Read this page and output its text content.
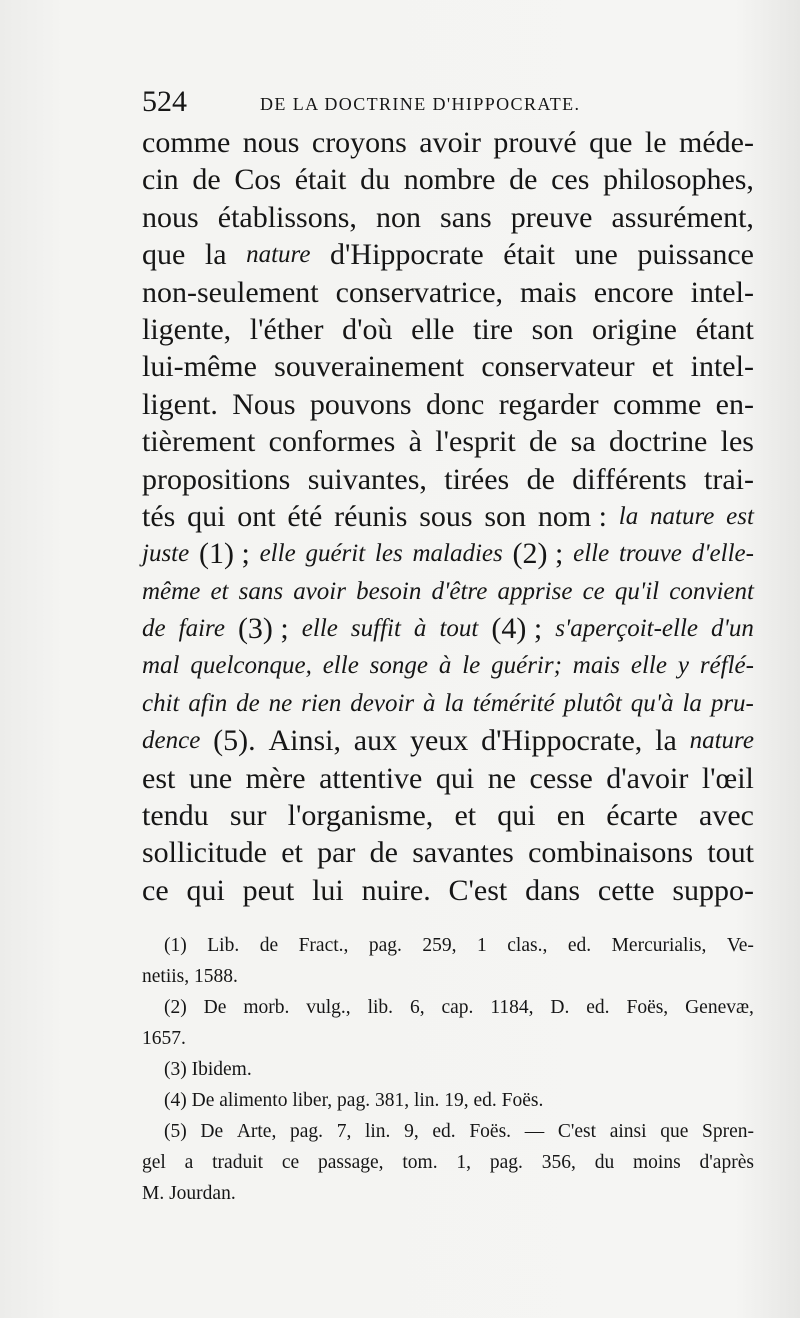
524	DE LA DOCTRINE D'HIPPOCRATE.
comme nous croyons avoir prouvé que le méde-
cin de Cos était du nombre de ces philosophes,
nous établissons, non sans preuve assurément,
que la nature d'Hippocrate était une puissance
non-seulement conservatrice, mais encore intel-
ligente, l'éther d'où elle tire son origine étant
lui-même souverainement conservateur et intel-
ligent. Nous pouvons donc regarder comme en-
tièrement conformes à l'esprit de sa doctrine les
propositions suivantes, tirées de différents trai-
tés qui ont été réunis sous son nom : la nature est
juste (1) ; elle guérit les maladies (2) ; elle trouve d'elle-
même et sans avoir besoin d'être apprise ce qu'il convient
de faire (3) ; elle suffit à tout (4) ; s'aperçoit-elle d'un
mal quelconque, elle songe à le guérir; mais elle y réflé-
chit afin de ne rien devoir à la témérité plutôt qu'à la pru-
dence (5). Ainsi, aux yeux d'Hippocrate, la nature
est une mère attentive qui ne cesse d'avoir l'œil
tendu sur l'organisme, et qui en écarte avec
sollicitude et par de savantes combinaisons tout
ce qui peut lui nuire. C'est dans cette suppo-
(1) Lib. de Fract., pag. 259, 1 clas., ed. Mercurialis, Ve-
netiis, 1588.
(2) De morb. vulg., lib. 6, cap. 1184, D. ed. Foës, Genevæ,
1657.
(3) Ibidem.
(4) De alimento liber, pag. 381, lin. 19, ed. Foës.
(5) De Arte, pag. 7, lin. 9, ed. Foës. — C'est ainsi que Spren-
gel a traduit ce passage, tom. 1, pag. 356, du moins d'après
M. Jourdan.
